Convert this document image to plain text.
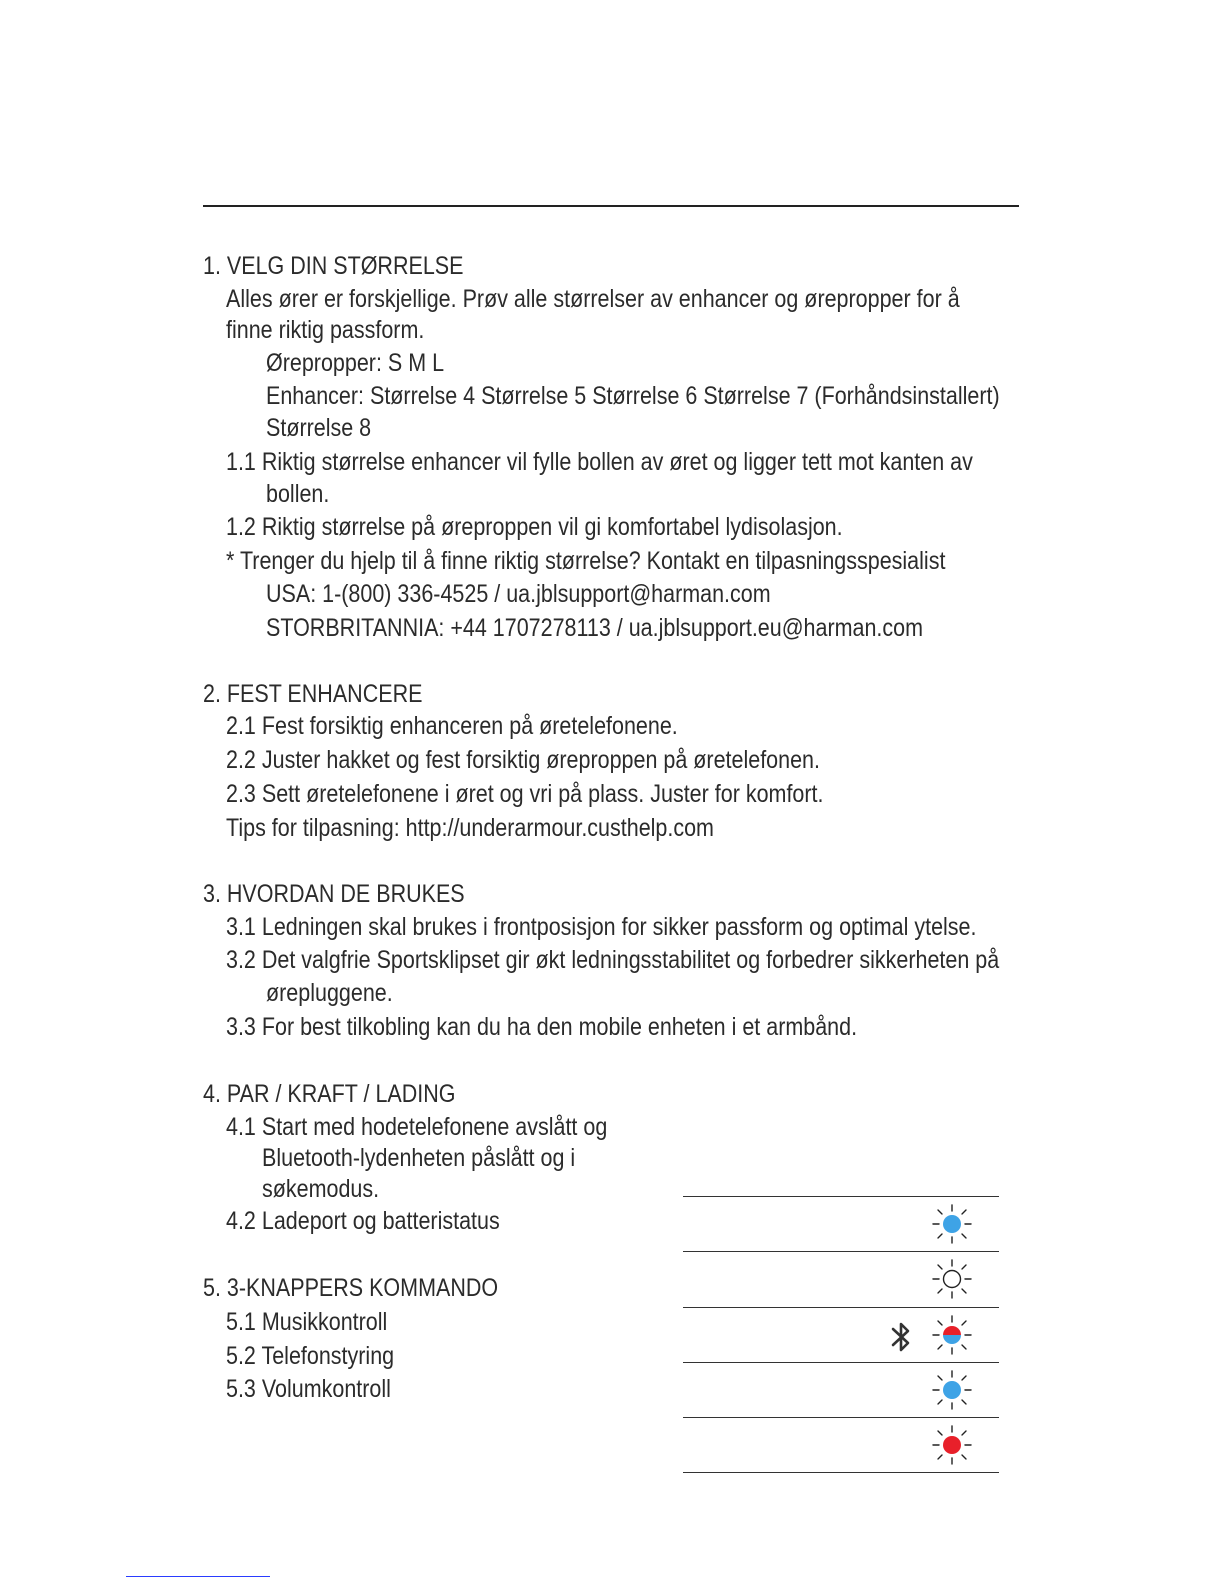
1. VELG DIN STØRRELSE
Alles ører er forskjellige. Prøv alle størrelser av enhancer og ørepropper for å
finne riktig passform.
Ørepropper: S M L
Enhancer: Størrelse 4 Størrelse 5 Størrelse 6 Størrelse 7 (Forhåndsinstallert)
Størrelse 8
1.1 Riktig størrelse enhancer vil fylle bollen av øret og ligger tett mot kanten av
bollen.
1.2 Riktig størrelse på øreproppen vil gi komfortabel lydisolasjon.
* Trenger du hjelp til å finne riktig størrelse? Kontakt en tilpasningsspesialist
USA: 1-(800) 336-4525 / ua.jblsupport@harman.com
STORBRITANNIA: +44 1707278113 / ua.jblsupport.eu@harman.com
2. FEST ENHANCERE
2.1 Fest forsiktig enhanceren på øretelefonene.
2.2 Juster hakket og fest forsiktig øreproppen på øretelefonen.
2.3 Sett øretelefonene i øret og vri på plass. Juster for komfort.
Tips for tilpasning: http://underarmour.custhelp.com
3. HVORDAN DE BRUKES
3.1 Ledningen skal brukes i frontposisjon for sikker passform og optimal ytelse.
3.2 Det valgfrie Sportsklipset gir økt ledningsstabilitet og forbedrer sikkerheten på
ørepluggene.
3.3 For best tilkobling kan du ha den mobile enheten i et armbånd.
4. PAR / KRAFT / LADING
4.1 Start med hodetelefonene avslått og
Bluetooth-lydenheten påslått og i
søkemodus.
4.2 Ladeport og batteristatus
5. 3-KNAPPERS KOMMANDO
5.1 Musikkontroll
5.2 Telefonstyring
5.3 Volumkontroll
